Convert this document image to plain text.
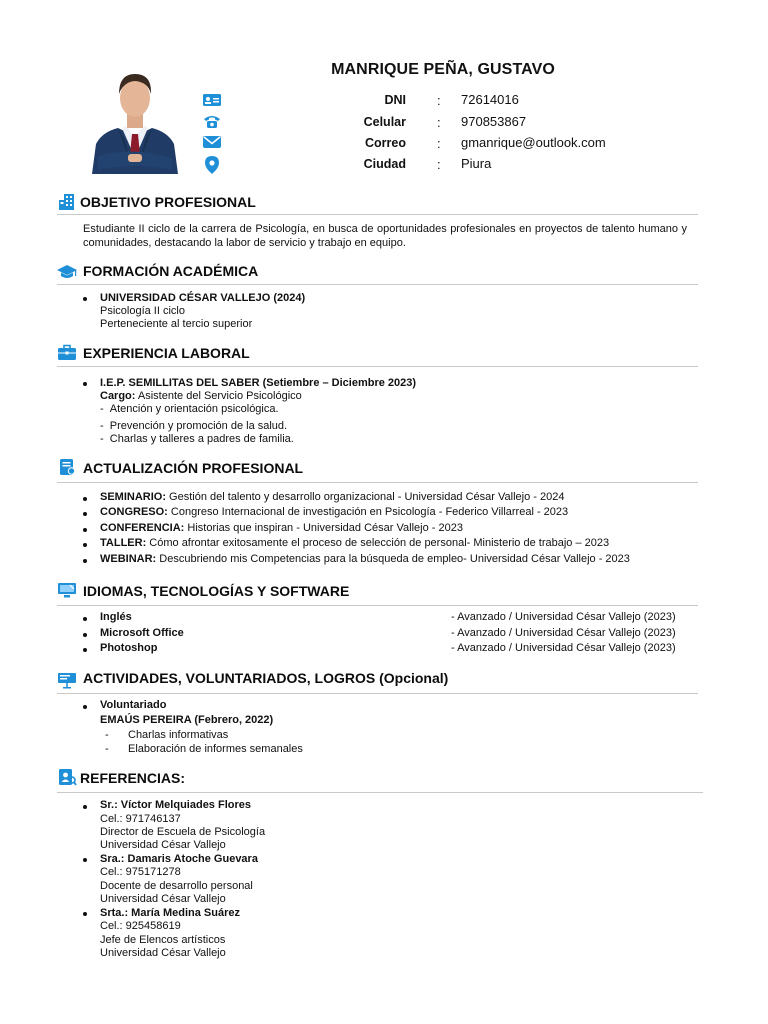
MANRIQUE PEÑA, GUSTAVO
DNI : 72614016
Celular : 970853867
Correo : gmanrique@outlook.com
Ciudad : Piura
OBJETIVO PROFESIONAL
Estudiante II ciclo de la carrera de Psicología, en busca de oportunidades profesionales en proyectos de talento humano y comunidades, destacando la labor de servicio y trabajo en equipo.
FORMACIÓN ACADÉMICA
UNIVERSIDAD CÉSAR VALLEJO (2024)
Psicología II ciclo
Perteneciente al tercio superior
EXPERIENCIA LABORAL
I.E.P. SEMILLITAS DEL SABER (Setiembre – Diciembre 2023)
Cargo: Asistente del Servicio Psicológico
-  Atención y orientación psicológica.
-  Prevención y promoción de la salud.
-  Charlas y talleres a padres de familia.
ACTUALIZACIÓN PROFESIONAL
SEMINARIO: Gestión del talento y desarrollo organizacional - Universidad César Vallejo - 2024
CONGRESO: Congreso Internacional de investigación en Psicología - Federico Villarreal - 2023
CONFERENCIA: Historias que inspiran - Universidad César Vallejo - 2023
TALLER: Cómo afrontar exitosamente el proceso de selección de personal- Ministerio de trabajo – 2023
WEBINAR: Descubriendo mis Competencias para la búsqueda de empleo- Universidad César Vallejo - 2023
IDIOMAS, TECNOLOGÍAS Y SOFTWARE
Inglés	- Avanzado / Universidad César Vallejo (2023)
Microsoft Office	- Avanzado / Universidad César Vallejo (2023)
Photoshop	- Avanzado / Universidad César Vallejo (2023)
ACTIVIDADES, VOLUNTARIADOS, LOGROS (Opcional)
Voluntariado
EMAÚS PEREIRA (Febrero, 2022)
- Charlas informativas
- Elaboración de informes semanales
REFERENCIAS:
Sr.: Víctor Melquiades Flores
Cel.: 971746137
Director de Escuela de Psicología
Universidad César Vallejo
Sra.: Damaris Atoche Guevara
Cel.: 975171278
Docente de desarrollo personal
Universidad César Vallejo
Srta.: María Medina Suárez
Cel.: 925458619
Jefe de Elencos artísticos
Universidad César Vallejo
